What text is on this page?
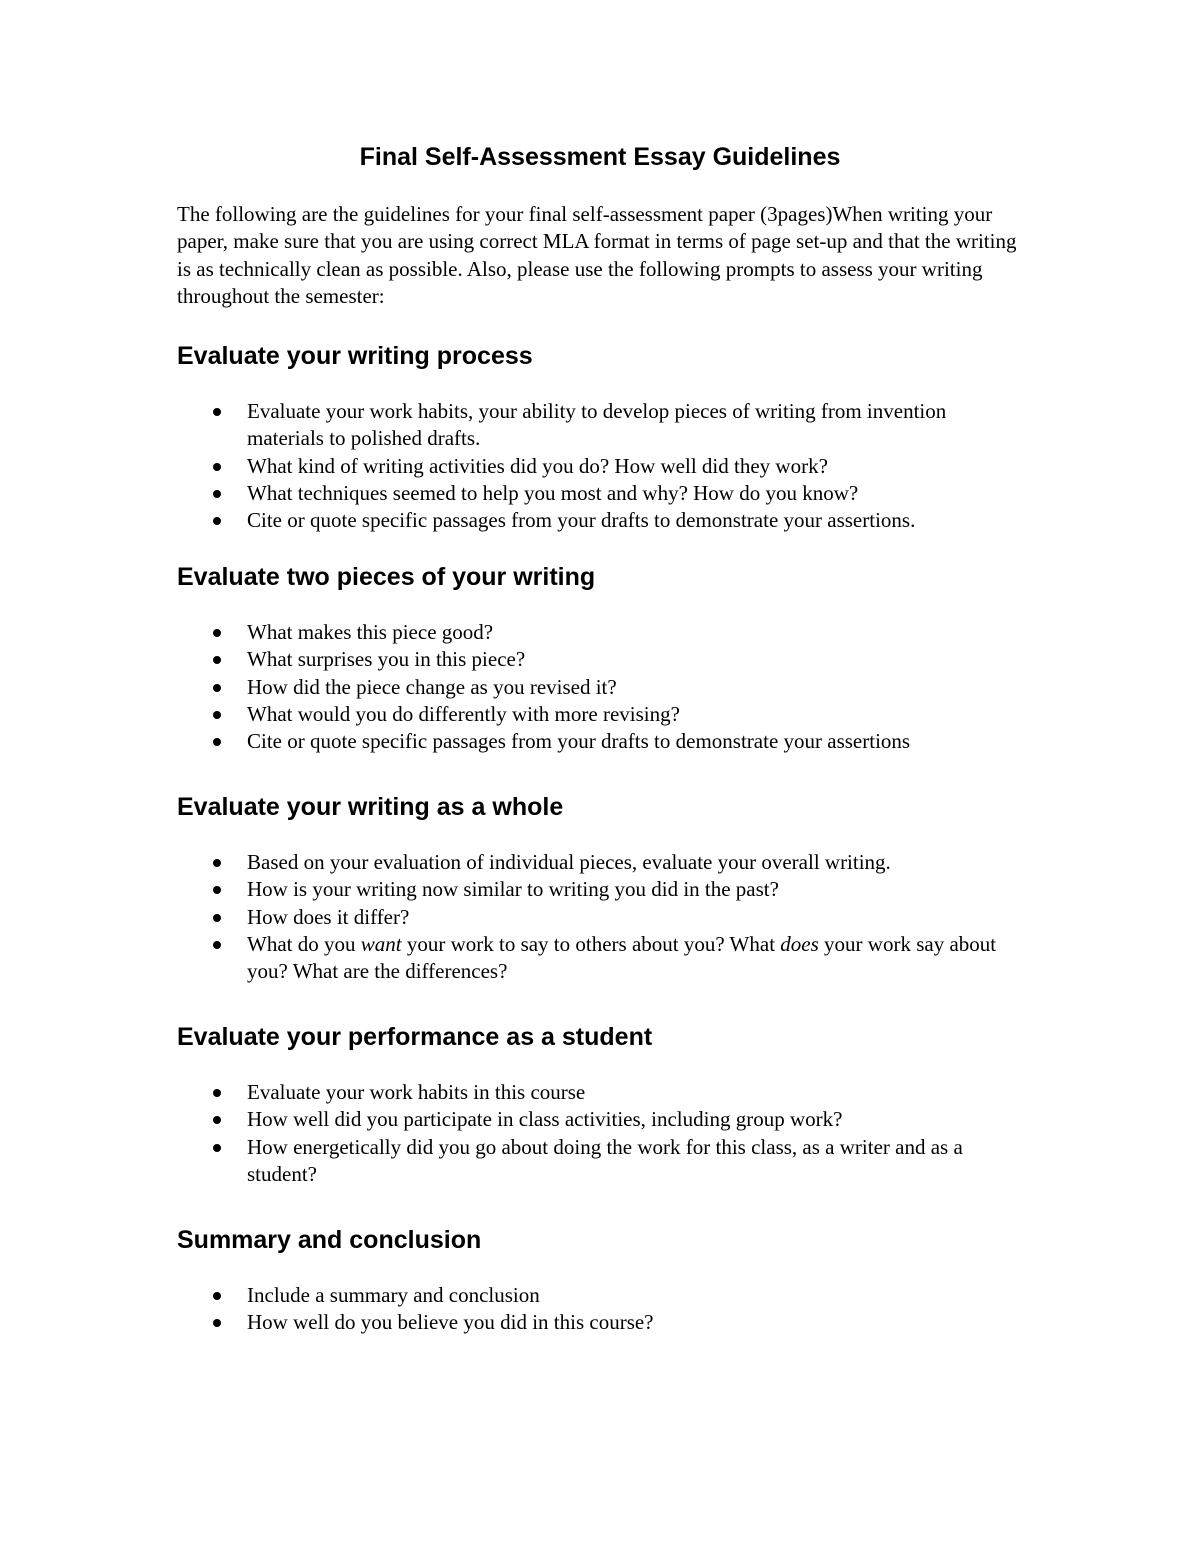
Final Self-Assessment Essay Guidelines

The following are the guidelines for your final self-assessment paper (3pages)When writing your paper, make sure that you are using correct MLA format in terms of page set-up and that the writing is as technically clean as possible. Also, please use the following prompts to assess your writing throughout the semester:

Evaluate your writing process
Evaluate your work habits, your ability to develop pieces of writing from invention materials to polished drafts.
What kind of writing activities did you do? How well did they work?
What techniques seemed to help you most and why? How do you know?
Cite or quote specific passages from your drafts to demonstrate your assertions.
Evaluate two pieces of your writing
What makes this piece good?
What surprises you in this piece?
How did the piece change as you revised it?
What would you do differently with more revising?
Cite or quote specific passages from your drafts to demonstrate your assertions
Evaluate your writing as a whole
Based on your evaluation of individual pieces, evaluate your overall writing.
How is your writing now similar to writing you did in the past?
How does it differ?
What do you want your work to say to others about you? What does your work say about you? What are the differences?
Evaluate your performance as a student
Evaluate your work habits in this course
How well did you participate in class activities, including group work?
How energetically did you go about doing the work for this class, as a writer and as a student?
Summary and conclusion
Include a summary and conclusion
How well do you believe you did in this course?
